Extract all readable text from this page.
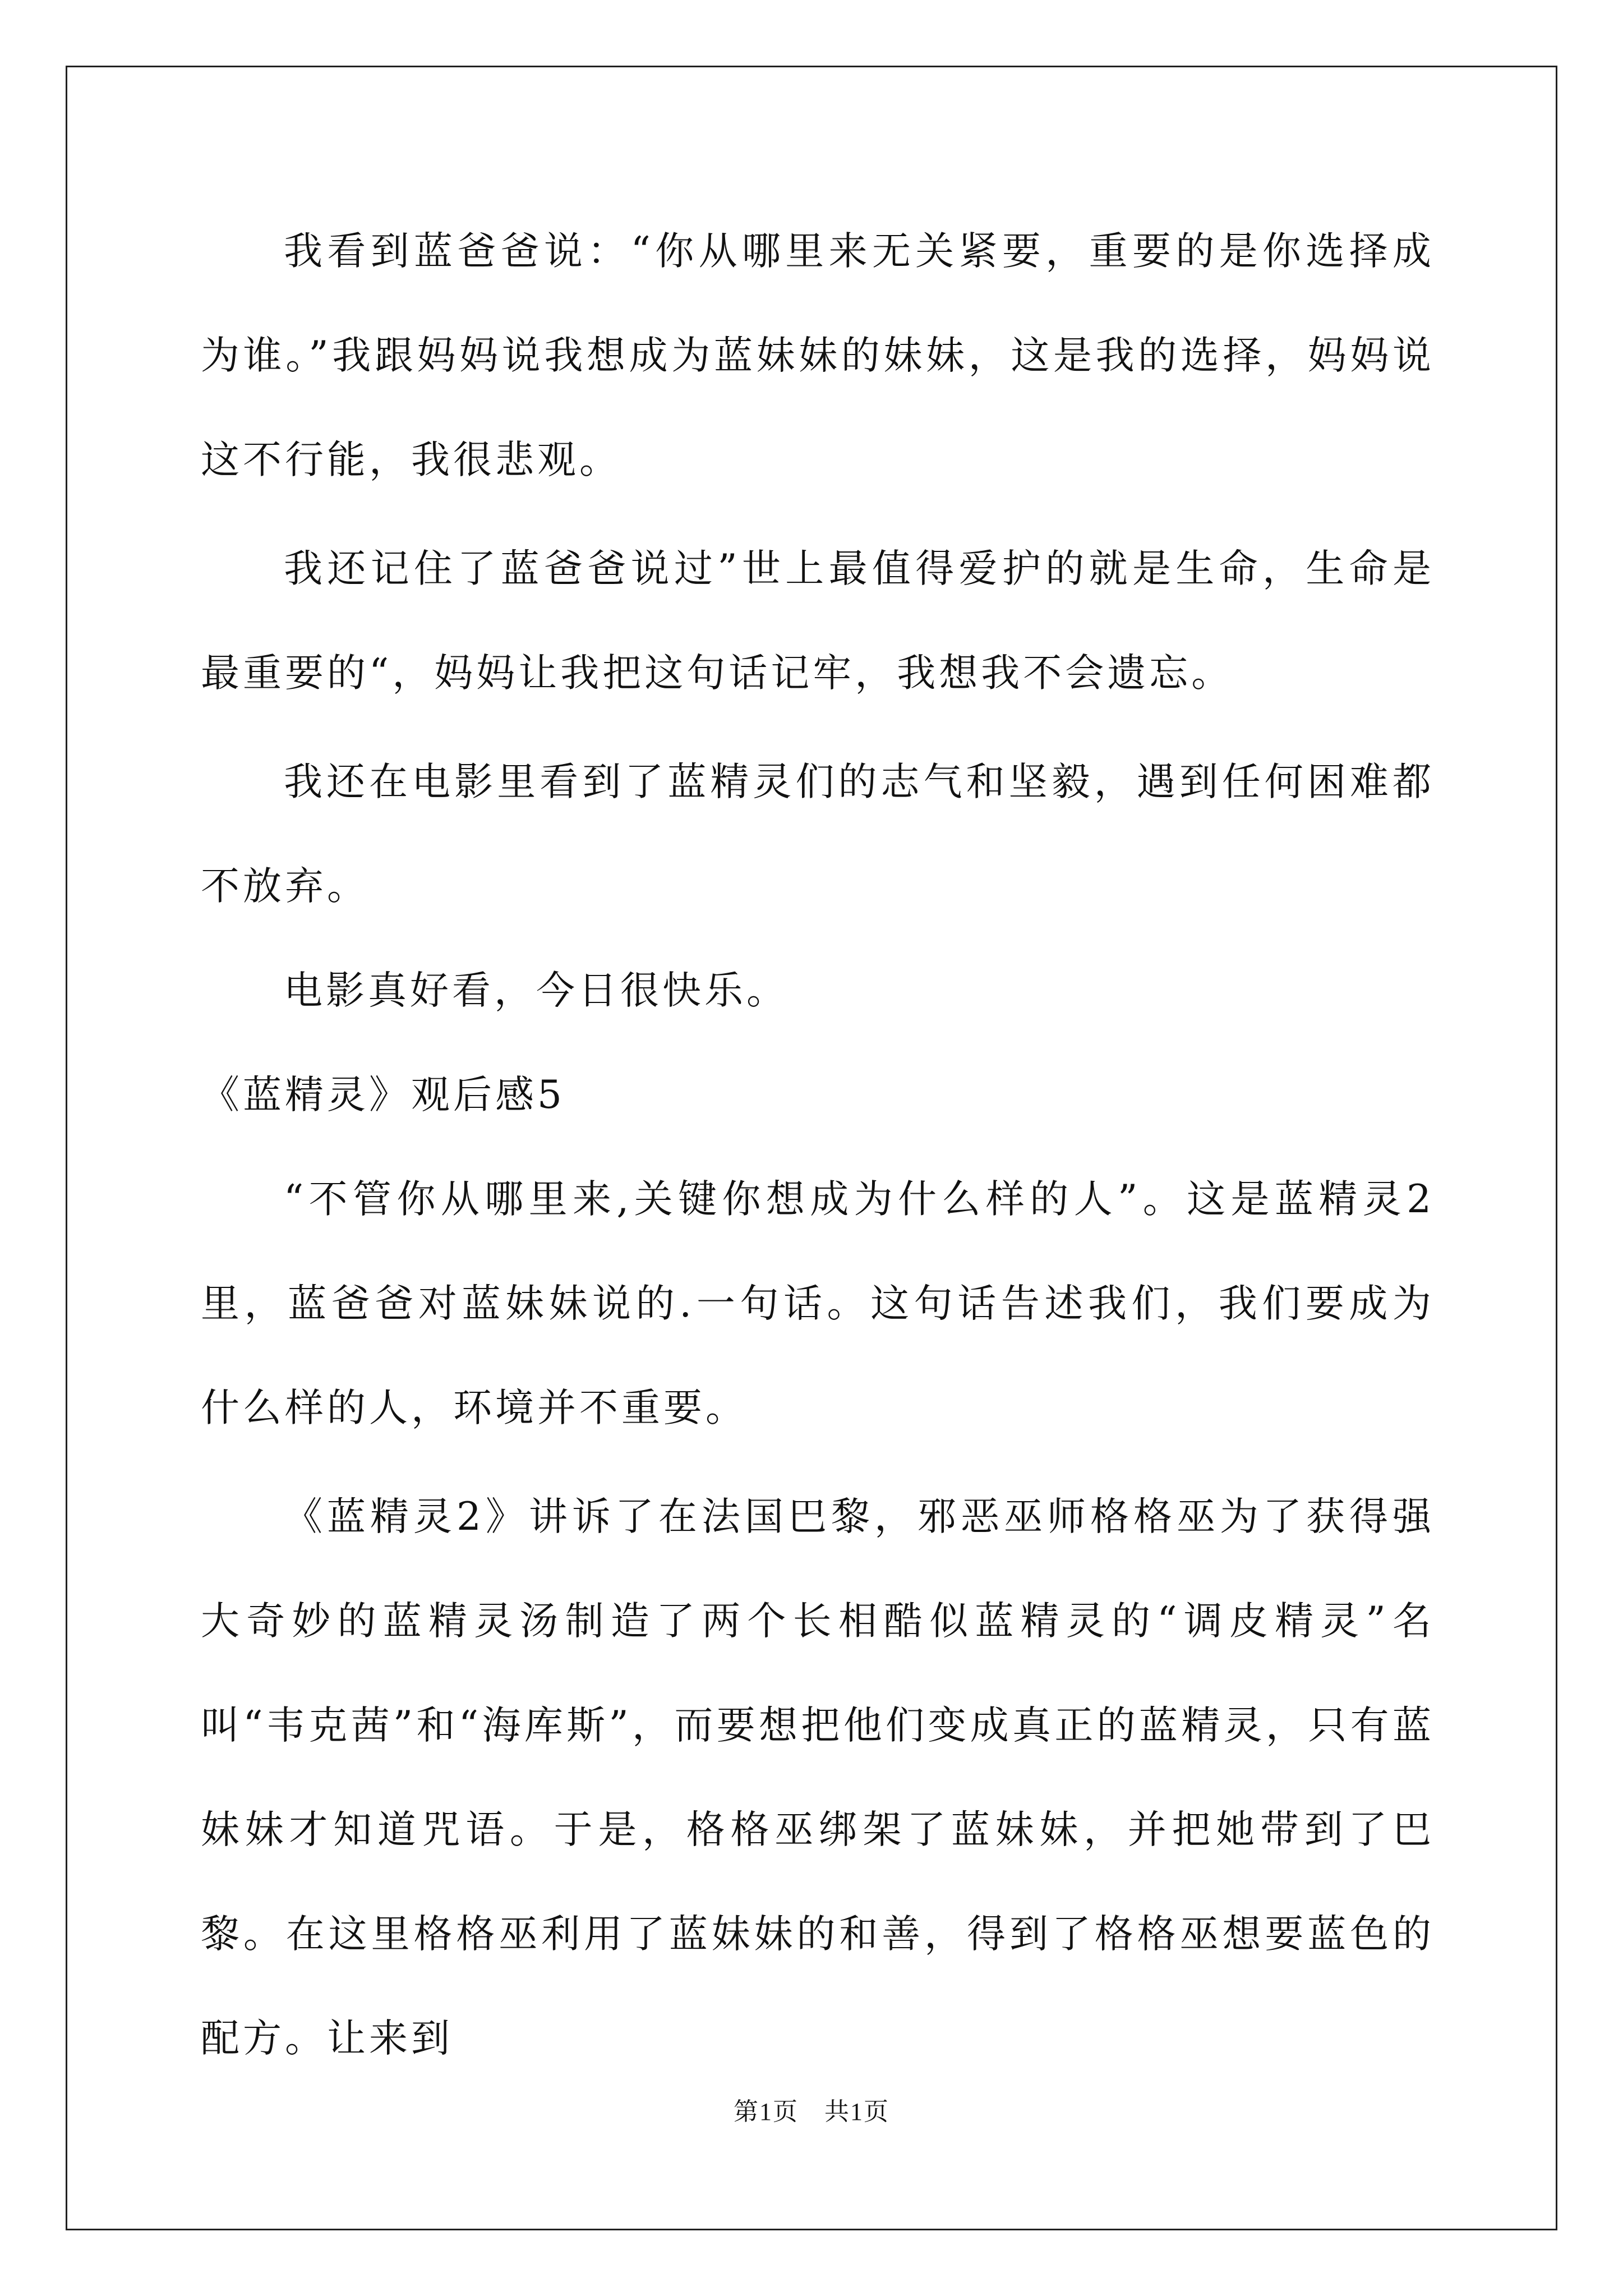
我看到蓝爸爸说：“你从哪里来无关紧要，重要的是你选择成为谁。”我跟妈妈说我想成为蓝妹妹的妹妹，这是我的选择，妈妈说这不行能，我很悲观。

我还记住了蓝爸爸说过”世上最值得爱护的就是生命，生命是最重要的“，妈妈让我把这句话记牢，我想我不会遗忘。

我还在电影里看到了蓝精灵们的志气和坚毅，遇到任何困难都不放弃。

电影真好看，今日很快乐。

《蓝精灵》观后感5

“不管你从哪里来,关键你想成为什么样的人”。这是蓝精灵2里，蓝爸爸对蓝妹妹说的.一句话。这句话告述我们，我们要成为什么样的人，环境并不重要。

《蓝精灵2》讲诉了在法国巴黎，邪恶巫师格格巫为了获得强大奇妙的蓝精灵汤制造了两个长相酷似蓝精灵的“调皮精灵”名叫“韦克茜”和“海库斯”，而要想把他们变成真正的蓝精灵，只有蓝妹妹才知道咒语。于是，格格巫绑架了蓝妹妹，并把她带到了巴黎。在这里格格巫利用了蓝妹妹的和善，得到了格格巫想要蓝色的配方。让来到

第1页　共1页
